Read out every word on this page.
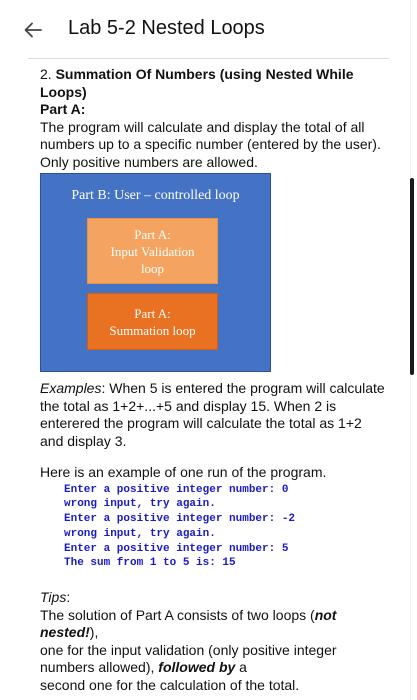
Lab 5-2 Nested Loops

2. Summation Of Numbers (using Nested While Loops)

Part A:

The program will calculate and display the total of all numbers up to a specific number (entered by the user). Only positive numbers are allowed.

Part B: User – controlled loop
Part A:
Input Validation
loop
Part A:
Summation loop

Examples: When 5 is entered the program will calculate the total as 1+2+...+5 and display 15. When 2 is enterered the program will calculate the total as 1+2 and display 3.

Here is an example of one run of the program.

Enter a positive integer number: 0
wrong input, try again.
Enter a positive integer number: -2
wrong input, try again.
Enter a positive integer number: 5
The sum from 1 to 5 is: 15

Tips:

The solution of Part A consists of two loops (not nested!),

one for the input validation (only positive integer numbers allowed), followed by a

second one for the calculation of the total.
